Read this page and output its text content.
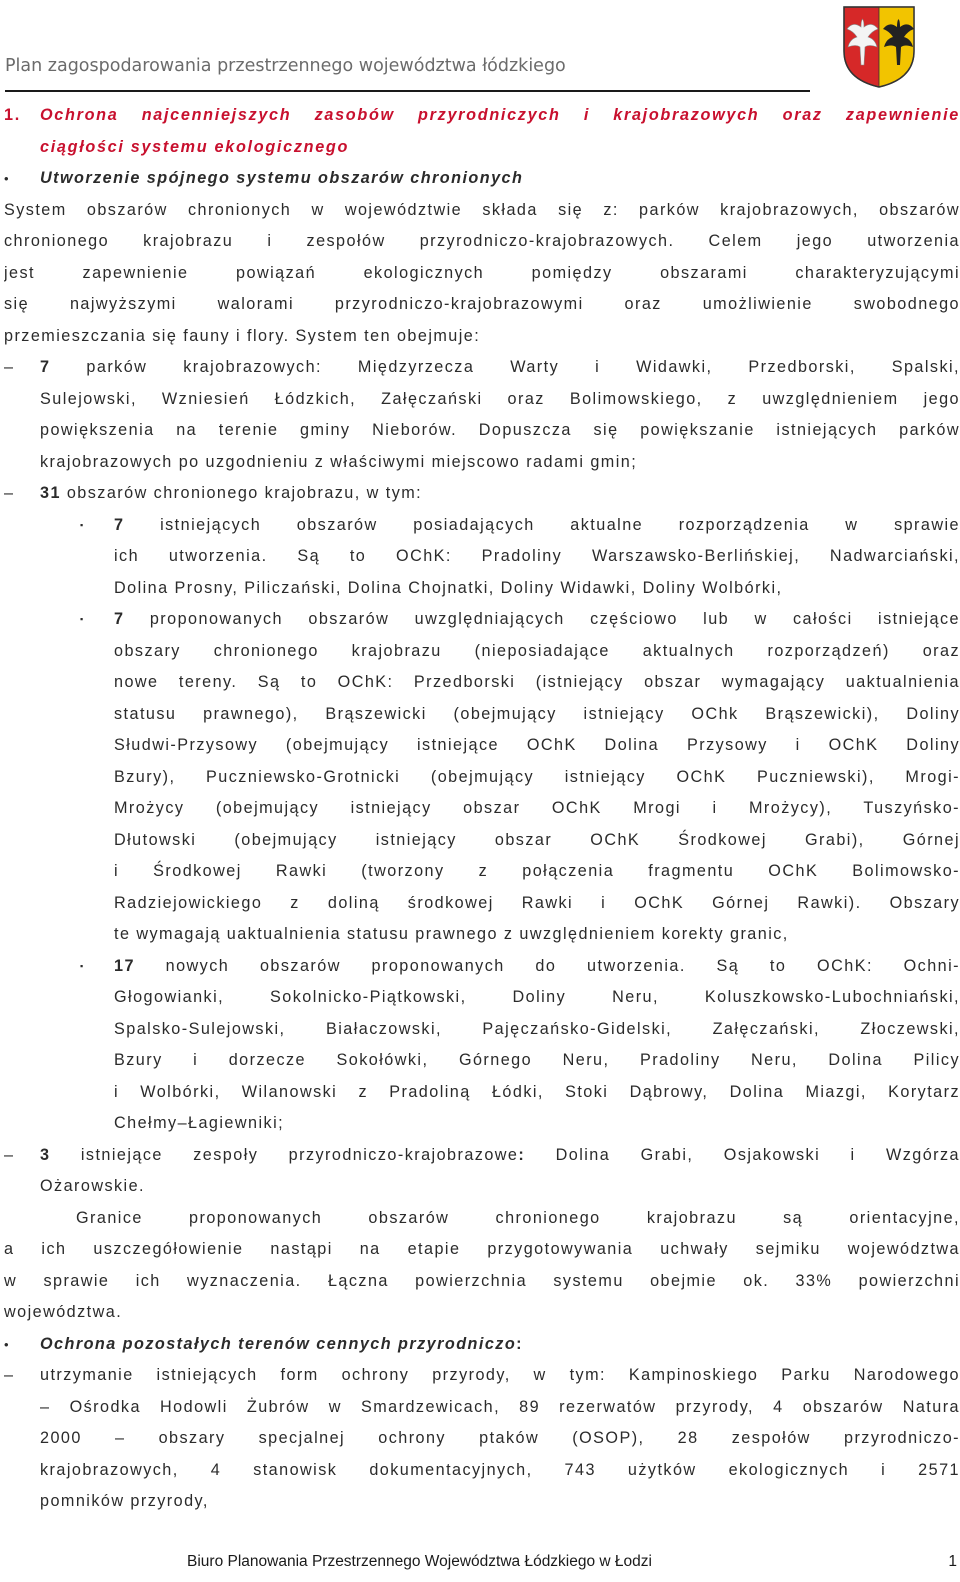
Plan zagospodarowania przestrzennego województwa łódzkiego
1. Ochrona najcenniejszych zasobów przyrodniczych i krajobrazowych oraz zapewnienie
ciągłości systemu ekologicznego
• Utworzenie spójnego systemu obszarów chronionych
System obszarów chronionych w województwie składa się z: parków krajobrazowych, obszarów
chronionego krajobrazu i zespołów przyrodniczo-krajobrazowych. Celem jego utworzenia
jest zapewnienie powiązań ekologicznych pomiędzy obszarami charakteryzującymi
się najwyższymi walorami przyrodniczo-krajobrazowymi oraz umożliwienie swobodnego
przemieszczania się fauny i flory. System ten obejmuje:
– 7 parków krajobrazowych: Międzyrzecza Warty i Widawki, Przedborski, Spalski,
Sulejowski, Wzniesień Łódzkich, Załęczański oraz Bolimowskiego, z uwzględnieniem jego
powiększenia na terenie gminy Nieborów. Dopuszcza się powiększanie istniejących parków
krajobrazowych po uzgodnieniu z właściwymi miejscowo radami gmin;
– 31 obszarów chronionego krajobrazu, w tym:
▪ 7 istniejących obszarów posiadających aktualne rozporządzenia w sprawie
ich utworzenia. Są to OChK: Pradoliny Warszawsko-Berlińskiej, Nadwarciański,
Dolina Prosny, Piliczański, Dolina Chojnatki, Doliny Widawki, Doliny Wolbórki,
▪ 7 proponowanych obszarów uwzględniających częściowo lub w całości istniejące
obszary chronionego krajobrazu (nieposiadające aktualnych rozporządzeń) oraz
nowe tereny. Są to OChK: Przedborski (istniejący obszar wymagający uaktualnienia
statusu prawnego), Brąszewicki (obejmujący istniejący OChk Brąszewicki), Doliny
Słudwi-Przysowy (obejmujący istniejące OChK Dolina Przysowy i OChK Doliny
Bzury), Puczniewsko-Grotnicki (obejmujący istniejący OChK Puczniewski), Mrogi-
Mrożycy (obejmujący istniejący obszar OChK Mrogi i Mrożycy), Tuszyńsko-
Dłutowski (obejmujący istniejący obszar OChK Środkowej Grabi), Górnej
i Środkowej Rawki (tworzony z połączenia fragmentu OChK Bolimowsko-
Radziejowickiego z doliną środkowej Rawki i OChK Górnej Rawki). Obszary
te wymagają uaktualnienia statusu prawnego z uwzględnieniem korekty granic,
▪ 17 nowych obszarów proponowanych do utworzenia. Są to OChK: Ochni-
Głogowianki, Sokolnicko-Piątkowski, Doliny Neru, Koluszkowsko-Lubochniański,
Spalsko-Sulejowski, Białaczowski, Pajęczańsko-Gidelski, Załęczański, Złoczewski,
Bzury i dorzecze Sokołówki, Górnego Neru, Pradoliny Neru, Dolina Pilicy
i Wolbórki, Wilanowski z Pradoliną Łódki, Stoki Dąbrowy, Dolina Miazgi, Korytarz
Chełmy–Łagiewniki;
– 3 istniejące zespoły przyrodniczo-krajobrazowe: Dolina Grabi, Osjakowski i Wzgórza
Ożarowskie.
Granice proponowanych obszarów chronionego krajobrazu są orientacyjne,
a ich uszczegółowienie nastąpi na etapie przygotowywania uchwały sejmiku województwa
w sprawie ich wyznaczenia. Łączna powierzchnia systemu obejmie ok. 33% powierzchni
województwa.
• Ochrona pozostałych terenów cennych przyrodniczo:
– utrzymanie istniejących form ochrony przyrody, w tym: Kampinoskiego Parku Narodowego
– Ośrodka Hodowli Żubrów w Smardzewicach, 89 rezerwatów przyrody, 4 obszarów Natura
2000 – obszary specjalnej ochrony ptaków (OSOP), 28 zespołów przyrodniczo-
krajobrazowych, 4 stanowisk dokumentacyjnych, 743 użytków ekologicznych i 2571
pomników przyrody,
Biuro Planowania Przestrzennego Województwa Łódzkiego w Łodzi	1
